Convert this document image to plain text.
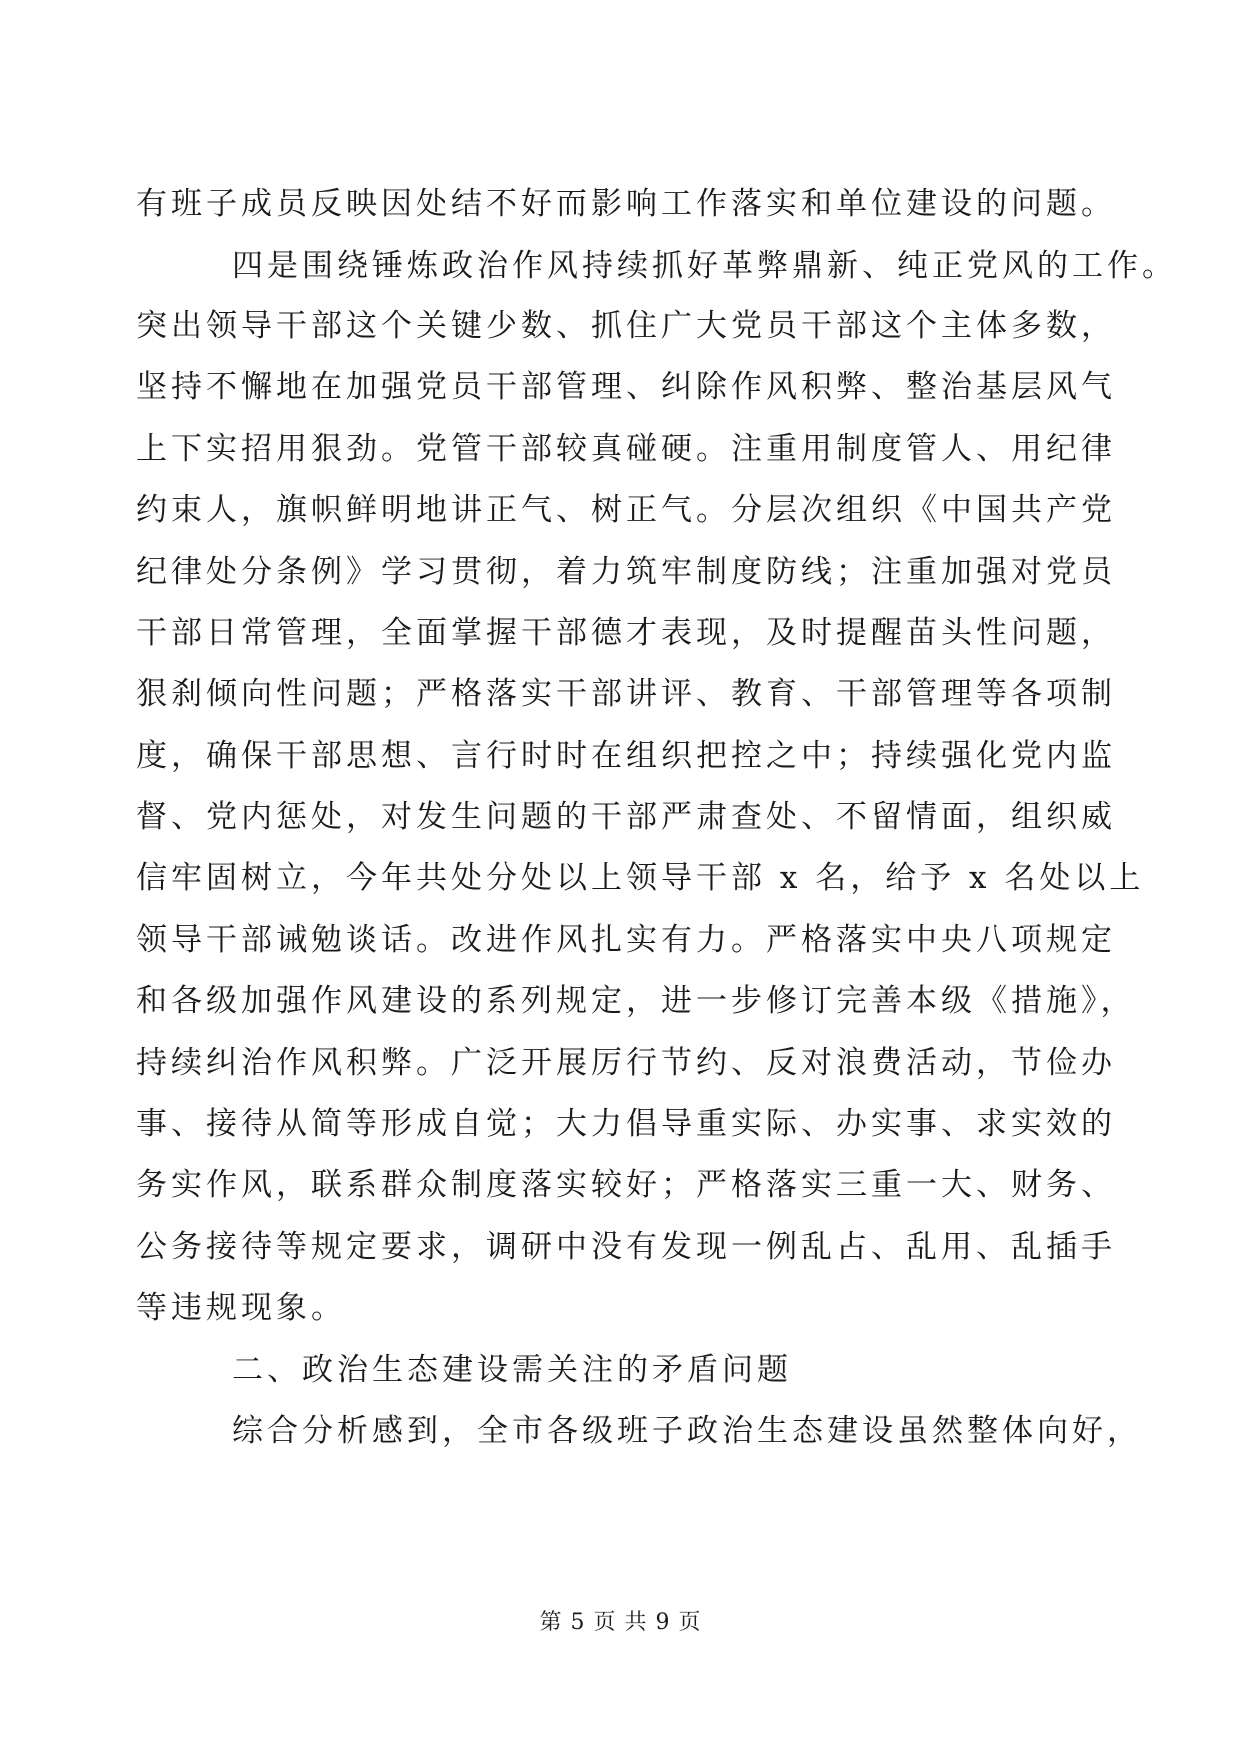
有班子成员反映因处结不好而影响工作落实和单位建设的问题。
四是围绕锤炼政治作风持续抓好革弊鼎新、纯正党风的工作。
突出领导干部这个关键少数、抓住广大党员干部这个主体多数，
坚持不懈地在加强党员干部管理、纠除作风积弊、整治基层风气
上下实招用狠劲。党管干部较真碰硬。注重用制度管人、用纪律
约束人，旗帜鲜明地讲正气、树正气。分层次组织《中国共产党
纪律处分条例》学习贯彻，着力筑牢制度防线；注重加强对党员
干部日常管理，全面掌握干部德才表现，及时提醒苗头性问题，
狠刹倾向性问题；严格落实干部讲评、教育、干部管理等各项制
度，确保干部思想、言行时时在组织把控之中；持续强化党内监
督、党内惩处，对发生问题的干部严肃查处、不留情面，组织威
信牢固树立，今年共处分处以上领导干部 x 名，给予 x 名处以上
领导干部诫勉谈话。改进作风扎实有力。严格落实中央八项规定
和各级加强作风建设的系列规定，进一步修订完善本级《措施》，
持续纠治作风积弊。广泛开展厉行节约、反对浪费活动，节俭办
事、接待从简等形成自觉；大力倡导重实际、办实事、求实效的
务实作风，联系群众制度落实较好；严格落实三重一大、财务、
公务接待等规定要求，调研中没有发现一例乱占、乱用、乱插手
等违规现象。
二、政治生态建设需关注的矛盾问题
综合分析感到，全市各级班子政治生态建设虽然整体向好，
第 5 页 共 9 页
